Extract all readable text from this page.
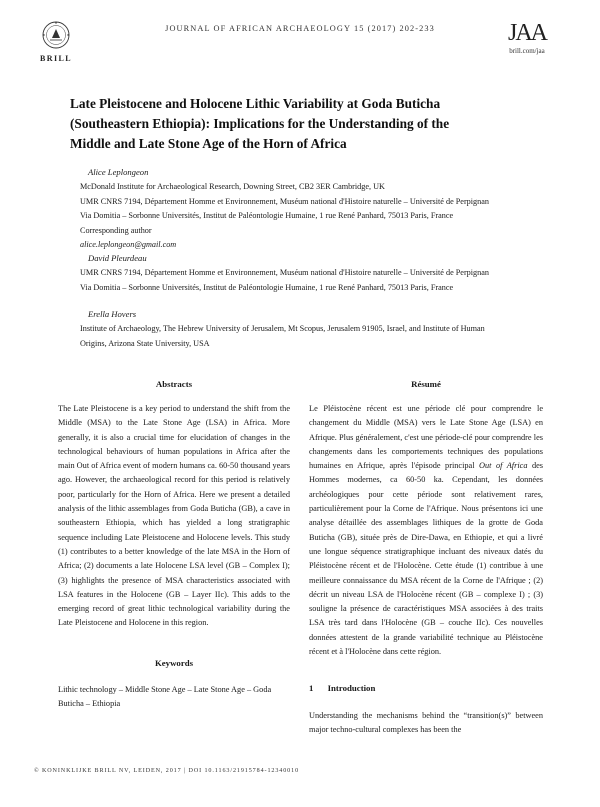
BRILL
JOURNAL OF AFRICAN ARCHAEOLOGY 15 (2017) 202-233	JAA
brill.com/jaa
Late Pleistocene and Holocene Lithic Variability at Goda Buticha
(Southeastern Ethiopia): Implications for the Understanding of the
Middle and Late Stone Age of the Horn of Africa
Alice Leplongeon
McDonald Institute for Archaeological Research, Downing Street, CB2 3ER Cambridge, UK
UMR CNRS 7194, Département Homme et Environnement, Muséum national d'Histoire naturelle – Université de Perpignan
Via Domitia – Sorbonne Universités, Institut de Paléontologie Humaine, 1 rue René Panhard, 75013 Paris, France
Corresponding author
alice.leplongeon@gmail.com
David Pleurdeau
UMR CNRS 7194, Département Homme et Environnement, Muséum national d'Histoire naturelle – Université de Perpignan
Via Domitia – Sorbonne Universités, Institut de Paléontologie Humaine, 1 rue René Panhard, 75013 Paris, France
Erella Hovers
Institute of Archaeology, The Hebrew University of Jerusalem, Mt Scopus, Jerusalem 91905, Israel, and Institute of Human
Origins, Arizona State University, USA
Abstracts
The Late Pleistocene is a key period to understand the shift from the Middle (MSA) to the Late Stone Age (LSA) in Africa. More generally, it is also a crucial time for elucidation of changes in the technological behaviours of human populations in Africa after the main Out of Africa event of modern humans ca. 60-50 thousand years ago. However, the archaeological record for this period is relatively poor, particularly for the Horn of Africa. Here we present a detailed analysis of the lithic assemblages from Goda Buticha (GB), a cave in southeastern Ethiopia, which has yielded a long stratigraphic sequence including Late Pleistocene and Holocene levels. This study (1) contributes to a better knowledge of the late MSA in the Horn of Africa; (2) documents a late Holocene LSA level (GB – Complex I); (3) highlights the presence of MSA characteristics associated with LSA features in the Holocene (GB – Layer IIc). This adds to the emerging record of great lithic technological variability during the Late Pleistocene and Holocene in this region.
Résumé
Le Pléistocène récent est une période clé pour comprendre le changement du Middle (MSA) vers le Late Stone Age (LSA) en Afrique. Plus généralement, c'est une période-clé pour comprendre les changements dans les comportements techniques des populations humaines en Afrique, après l'épisode principal Out of Africa des Hommes modernes, ca 60-50 ka. Cependant, les données archéologiques pour cette période sont relativement rares, particulièrement pour la Corne de l'Afrique. Nous présentons ici une analyse détaillée des assemblages lithiques de la grotte de Goda Buticha (GB), située près de Dire-Dawa, en Ethiopie, et qui a livré une longue séquence stratigraphique incluant des niveaux datés du Pléistocène récent et de l'Holocène. Cette étude (1) contribue à une meilleure connaissance du MSA récent de la Corne de l'Afrique ; (2) décrit un niveau LSA de l'Holocène récent (GB – complexe I) ; (3) souligne la présence de caractéristiques MSA associées à des traits LSA très tard dans l'Holocène (GB – couche IIc). Ces nouvelles données attestent de la grande variabilité technique au Pléistocène récent et à l'Holocène dans cette région.
Keywords
Lithic technology – Middle Stone Age – Late Stone Age – Goda Buticha – Ethiopia
1 Introduction
Understanding the mechanisms behind the “transition(s)” between major techno-cultural complexes has been the
© KONINKLIJKE BRILL NV, LEIDEN, 2017 | DOI 10.1163/21915784-12340010
